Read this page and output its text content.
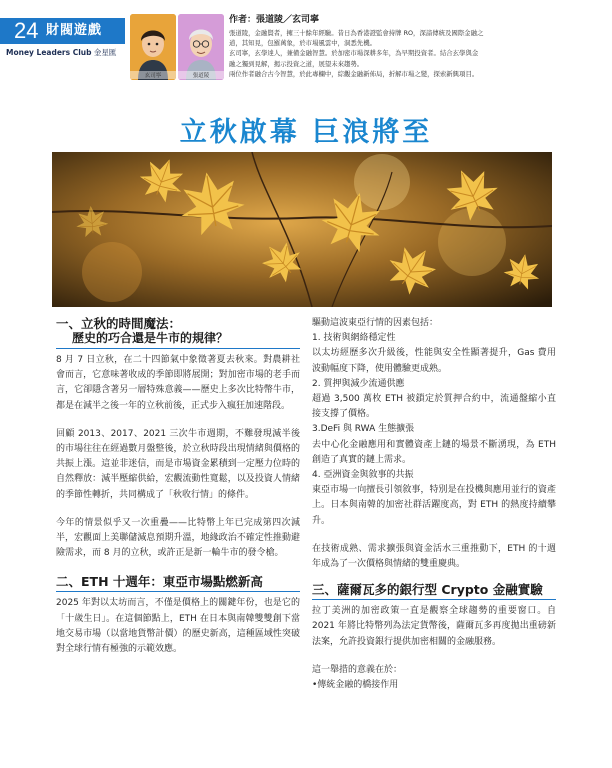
24 財閥遊戲
Money Leaders Club 金星匯
玄司寧	張道陵
作者：張道陵／玄司寧
張道陵，金融賢者，擁三十餘年經驗。昔日為香港證監會持牌 RO，深諳傳統及國際金融之
道，其知見，包羅萬象，於市場風雲中，洞悉先機。
玄司寧，玄學達人，兼備金融智慧。於加密市場深耕多年，為早期投資者。結合玄學與金
融之獨到見解，揭示投資之道，展望未來趨勢。
兩位作者融合古今智慧，於此專欄中，綜觀金融新佈局，折解市場之變，探索新興項目。
立秋啟幕 巨浪將至
一、立秋的時間魔法：
歷史的巧合還是牛市的規律？

8 月 7 日立秋，在二十四節氣中象徵著夏去秋來。對農耕社會而言，它意味著收成的季節即將展開；對加密市場的老手而言，它卻隱含著另一層特殊意義——歷史上多次比特幣牛市，都是在減半之後一年的立秋前後，正式步入瘋狂加速階段。

回顧 2013、2017、2021 三次牛市週期，不難發現減半後的市場往往在經過數月盤整後，於立秋時段出現情緒與價格的共振上漲。這並非迷信，而是市場資金累積到一定壓力位時的自然釋放：減半壓縮供給，宏觀流動性寬鬆，以及投資人情緒的季節性轉折，共同構成了「秋收行情」的條件。

今年的情景似乎又一次重疊——比特幣上年已完成第四次減半，宏觀面上美聯儲減息預期升溫，地緣政治不確定性推動避險需求，而 8 月的立秋，或許正是新一輪牛市的發令槍。

二、ETH 十週年：東亞市場點燃新高

2025 年對以太坊而言，不僅是價格上的關鍵年份，也是它的「十歲生日」。在這個節點上，ETH 在日本與南韓雙雙創下當地交易市場（以當地貨幣計價）的歷史新高，這種區域性突破對全球行情有極強的示範效應。

驅動這波東亞行情的因素包括：

1. 技術與網絡穩定性

以太坊經歷多次升級後，性能與安全性顯著提升，Gas 費用波動幅度下降，使用體驗更成熟。

2. 質押與減少流通供應

超過 3,500 萬枚 ETH 被鎖定於質押合約中，流通盤縮小直接支撐了價格。

3.DeFi 與 RWA 生態擴張

去中心化金融應用和實體資產上鏈的場景不斷湧現，為 ETH 創造了真實的鏈上需求。

4. 亞洲資金與敘事的共振

東亞市場一向擅長引領敘事，特別是在投機與應用並行的資產上。日本與南韓的加密社群活躍度高，對 ETH 的熱度持續攀升。

在技術成熟、需求擴張與資金活水三重推動下，ETH 的十週年成為了一次價格與情緒的雙重慶典。

三、薩爾瓦多的銀行型 Crypto 金融實驗

拉丁美洲的加密政策一直是觀察全球趨勢的重要窗口。自 2021 年將比特幣列為法定貨幣後，薩爾瓦多再度拋出重磅新法案，允許投資銀行提供加密相關的金融服務。

這一舉措的意義在於：

•傳統金融的橋接作用
